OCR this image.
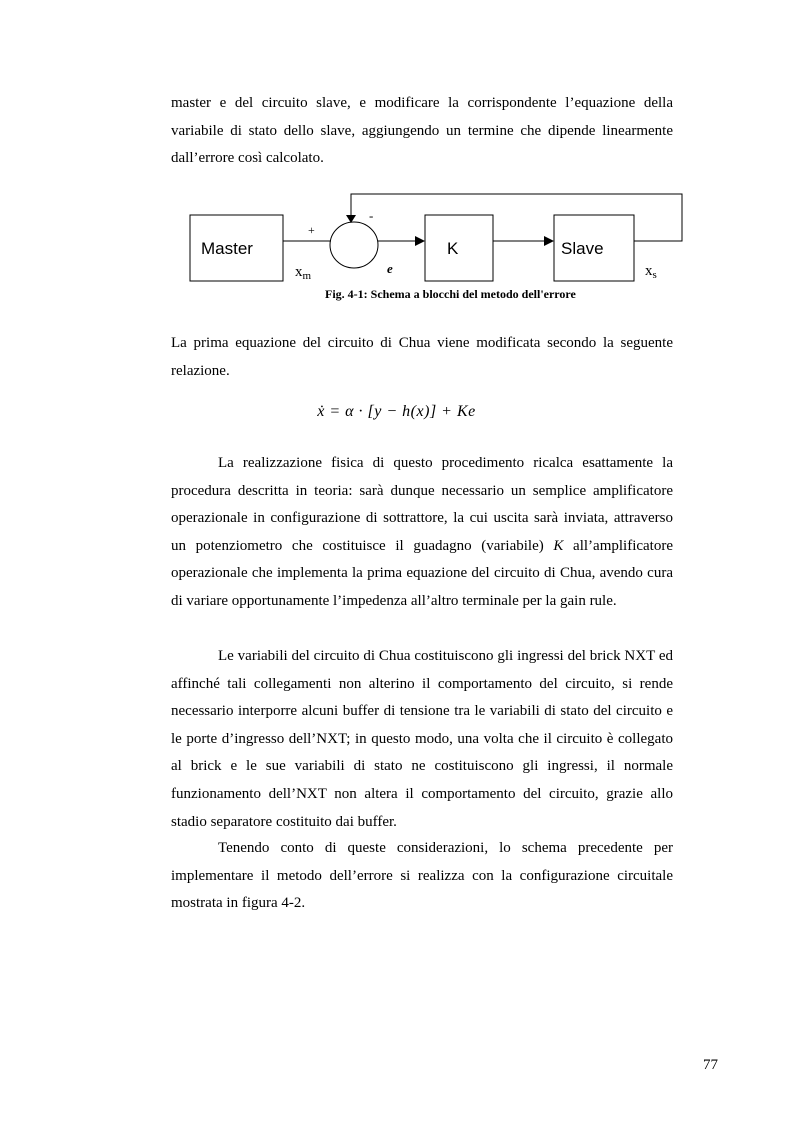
master e del circuito slave, e modificare la corrispondente l’equazione della variabile di stato dello slave, aggiungendo un termine che dipende linearmente dall’errore così calcolato.

Master
+
K	Slave
-
$x_m$	e	$x_s$
Fig. 4-1: Schema a blocchi del metodo dell'errore

La prima equazione del circuito di Chua viene modificata secondo la seguente relazione.

ẋ = α · [y − h(x)] + Ke

La realizzazione fisica di questo procedimento ricalca esattamente la procedura descritta in teoria: sarà dunque necessario un semplice amplificatore operazionale in configurazione di sottrattore, la cui uscita sarà inviata, attraverso un potenziometro che costituisce il guadagno (variabile) K all’amplificatore operazionale che implementa la prima equazione del circuito di Chua, avendo cura di variare opportunamente l’impedenza all’altro terminale per la gain rule.

Le variabili del circuito di Chua costituiscono gli ingressi del brick NXT ed affinché tali collegamenti non alterino il comportamento del circuito, si rende necessario interporre alcuni buffer di tensione tra le variabili di stato del circuito e le porte d’ingresso dell’NXT; in questo modo, una volta che il circuito è collegato al brick e le sue variabili di stato ne costituiscono gli ingressi, il normale funzionamento dell’NXT non altera il comportamento del circuito, grazie allo stadio separatore costituito dai buffer.

Tenendo conto di queste considerazioni, lo schema precedente per implementare il metodo dell’errore si realizza con la configurazione circuitale mostrata in figura 4-2.

77
